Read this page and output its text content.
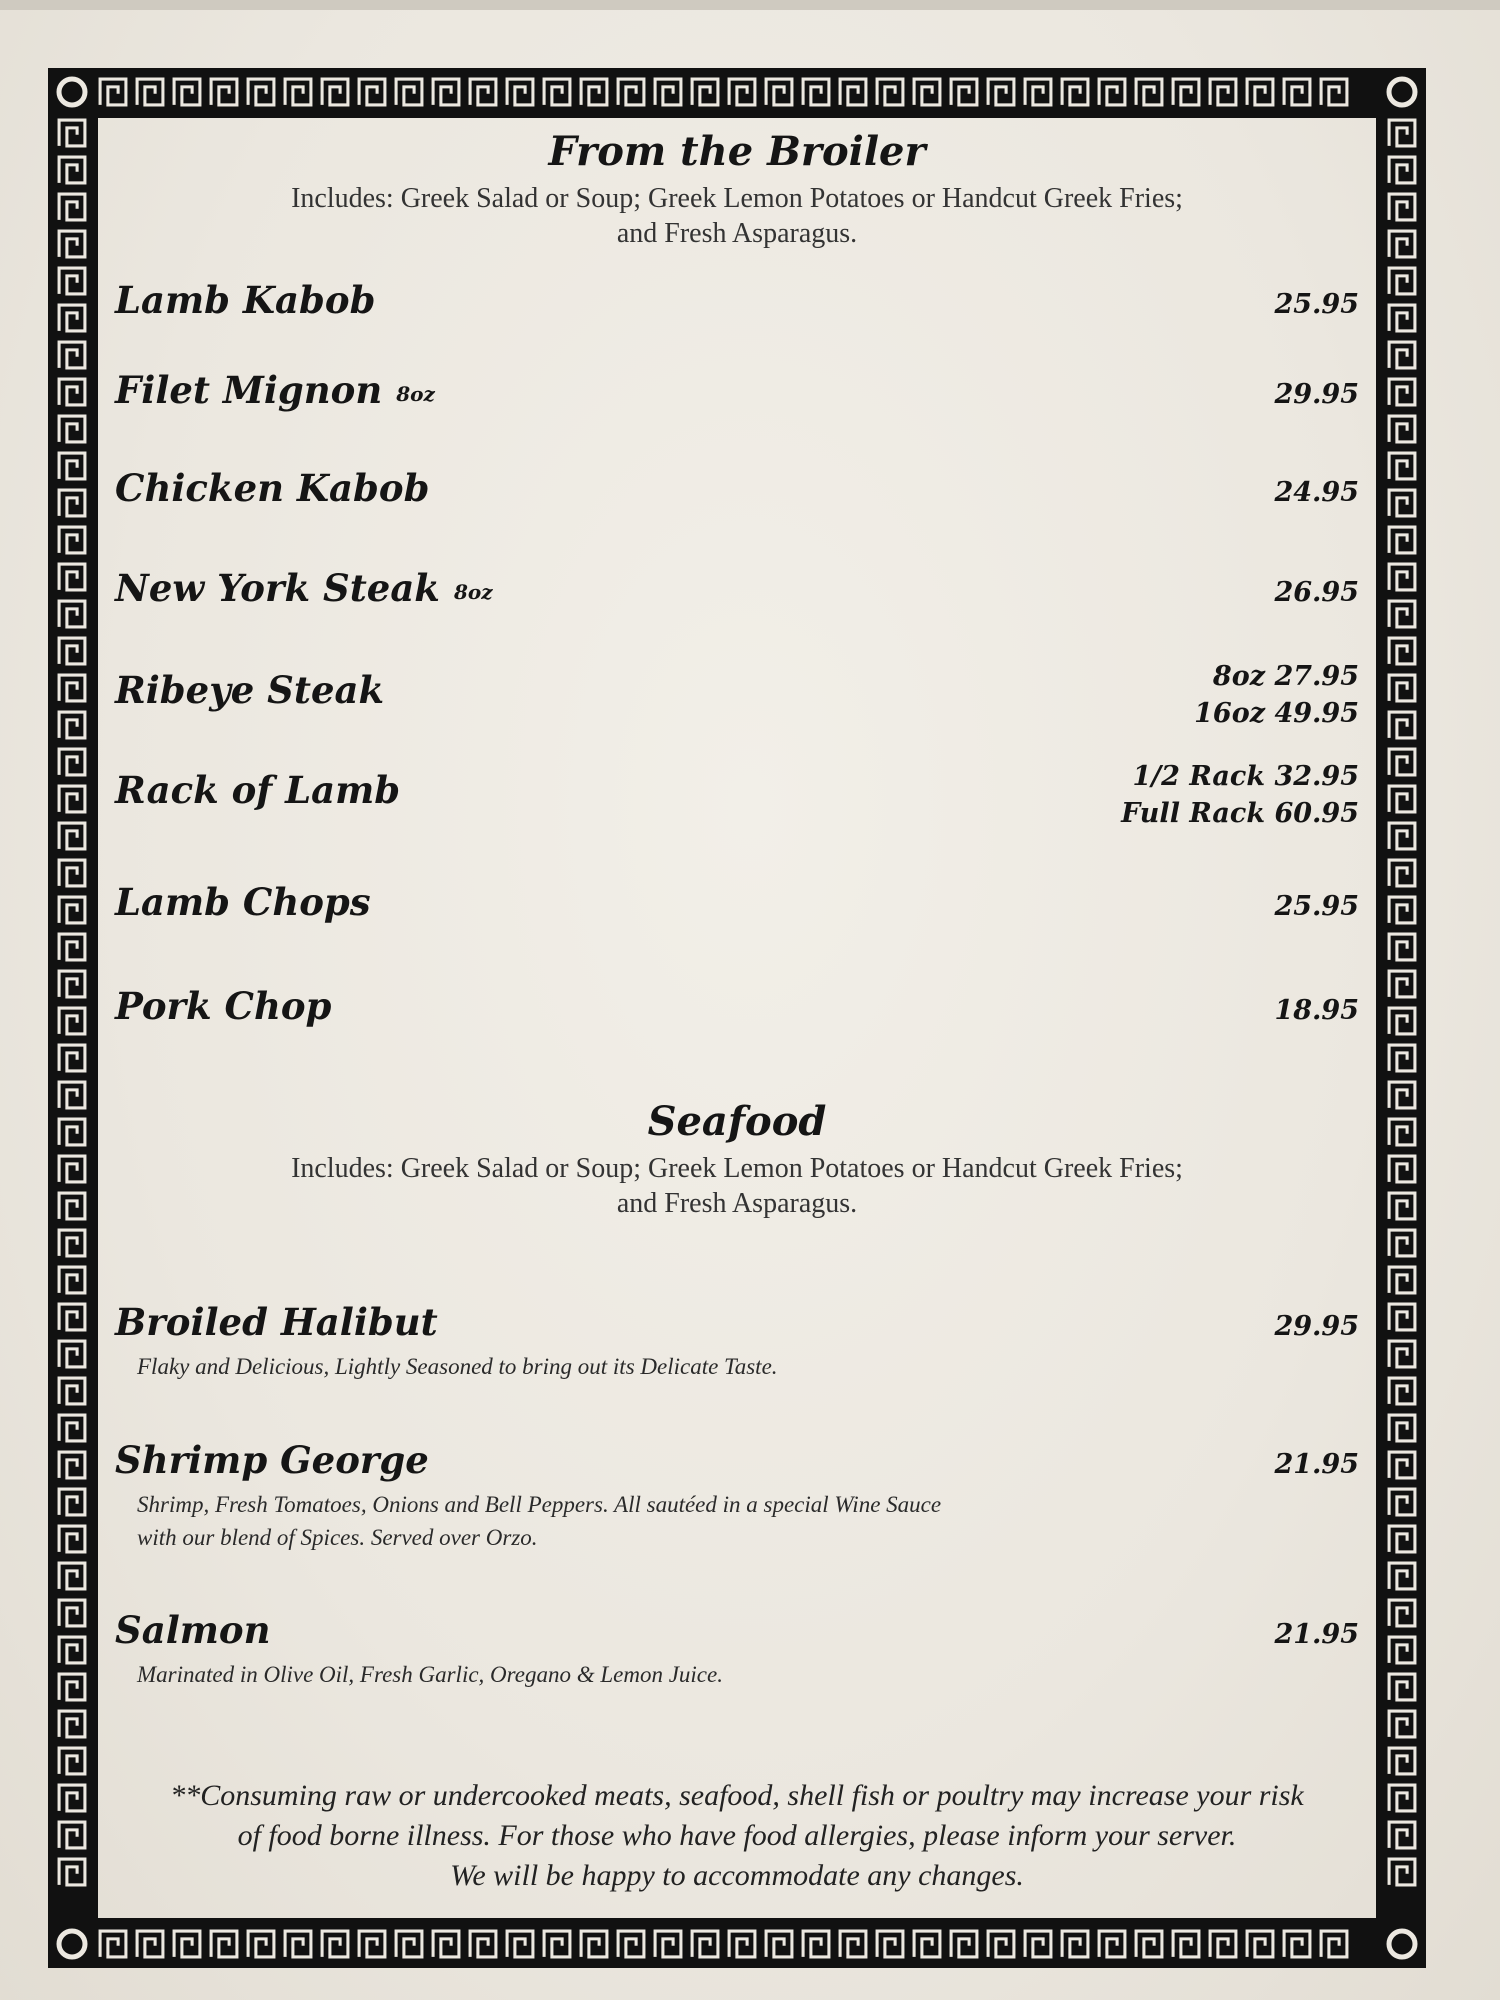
From the Broiler

Includes: Greek Salad or Soup; Greek Lemon Potatoes or Handcut Greek Fries;
and Fresh Asparagus.

Lamb Kabob	25.95
Filet Mignon 8oz	29.95
Chicken Kabob	24.95
New York Steak 8oz	26.95
Ribeye Steak	8oz 27.95
16oz 49.95
Rack of Lamb	1/2 Rack 32.95
Full Rack 60.95
Lamb Chops	25.95
Pork Chop	18.95
Seafood

Includes: Greek Salad or Soup; Greek Lemon Potatoes or Handcut Greek Fries;
and Fresh Asparagus.

Broiled Halibut	29.95
Flaky and Delicious, Lightly Seasoned to bring out its Delicate Taste.
Shrimp George	21.95
Shrimp, Fresh Tomatoes, Onions and Bell Peppers. All sautéed in a special Wine Sauce
with our blend of Spices. Served over Orzo.
Salmon	21.95
Marinated in Olive Oil, Fresh Garlic, Oregano & Lemon Juice.
**Consuming raw or undercooked meats, seafood, shell fish or poultry may increase your risk
of food borne illness. For those who have food allergies, please inform your server.
We will be happy to accommodate any changes.
